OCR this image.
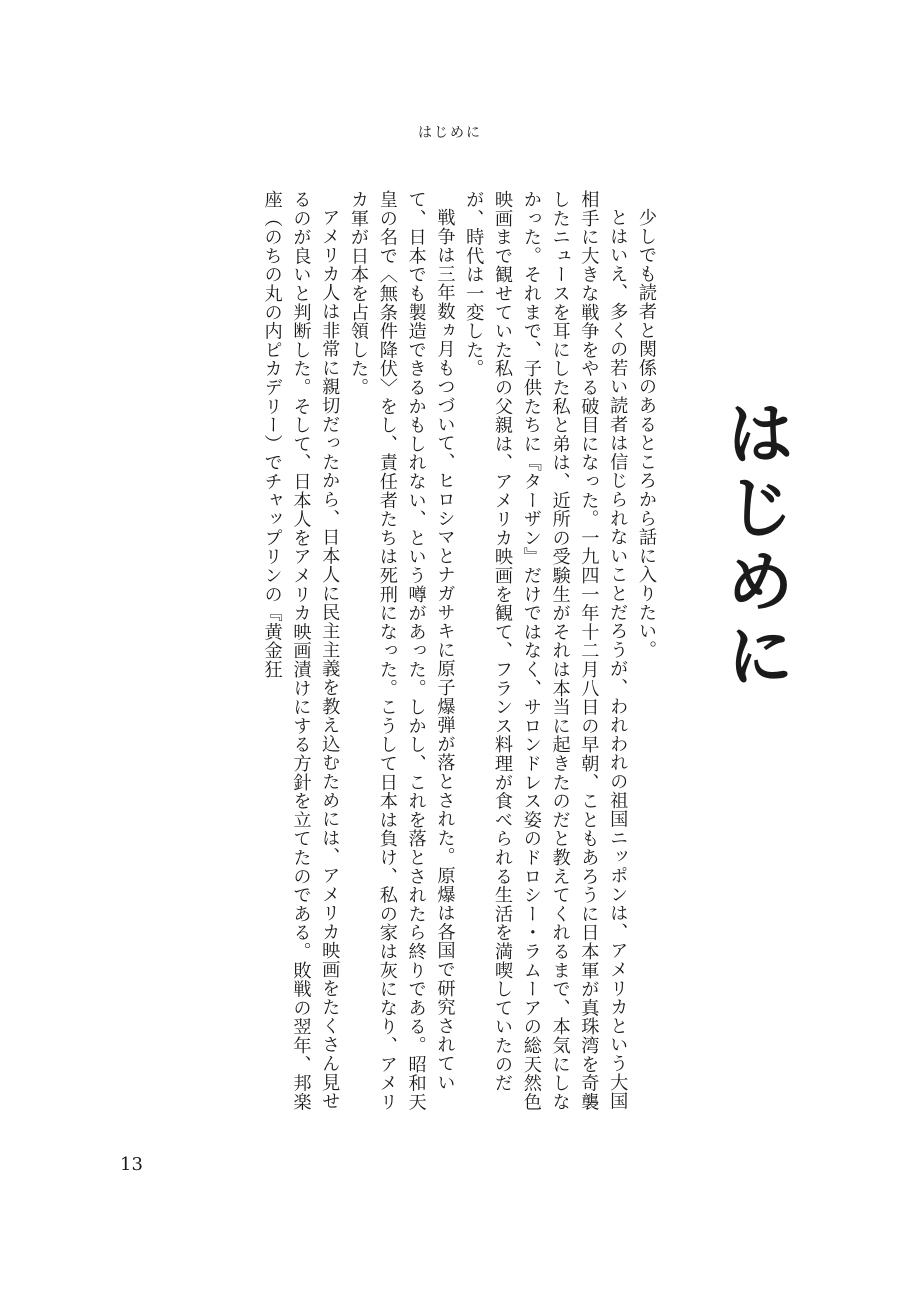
はじめに
はじめに

少しでも読者と関係のあるところから話に入りたい。

とはいえ、多くの若い読者は信じられないことだろうが、われわれの祖国ニッポンは、アメリカという大国相手に大きな戦争をやる破目になった。一九四一年十二月八日の早朝、こともあろうに日本軍が真珠湾を奇襲したニュースを耳にした私と弟は、近所の受験生がそれは本当に起きたのだと教えてくれるまで、本気にしなかった。それまで、子供たちに『ターザン』だけではなく、サロンドレス姿のドロシー・ラムーアの総天然色映画まで観せていた私の父親は、アメリカ映画を観て、フランス料理が食べられる生活を満喫していたのだが、時代は一変した。

戦争は三年数ヵ月もつづいて、ヒロシマとナガサキに原子爆弾が落とされた。原爆は各国で研究されていて、日本でも製造できるかもしれない、という噂があった。しかし、これを落とされたら終りである。昭和天皇の名で〈無条件降伏〉をし、責任者たちは死刑になった。こうして日本は負け、私の家は灰になり、アメリカ軍が日本を占領した。

アメリカ人は非常に親切だったから、日本人に民主主義を教え込むためには、アメリカ映画をたくさん見せるのが良いと判断した。そして、日本人をアメリカ映画漬けにする方針を立てたのである。敗戦の翌年、邦楽座（のちの丸の内ピカデリー）でチャップリンの『黄金狂

13
